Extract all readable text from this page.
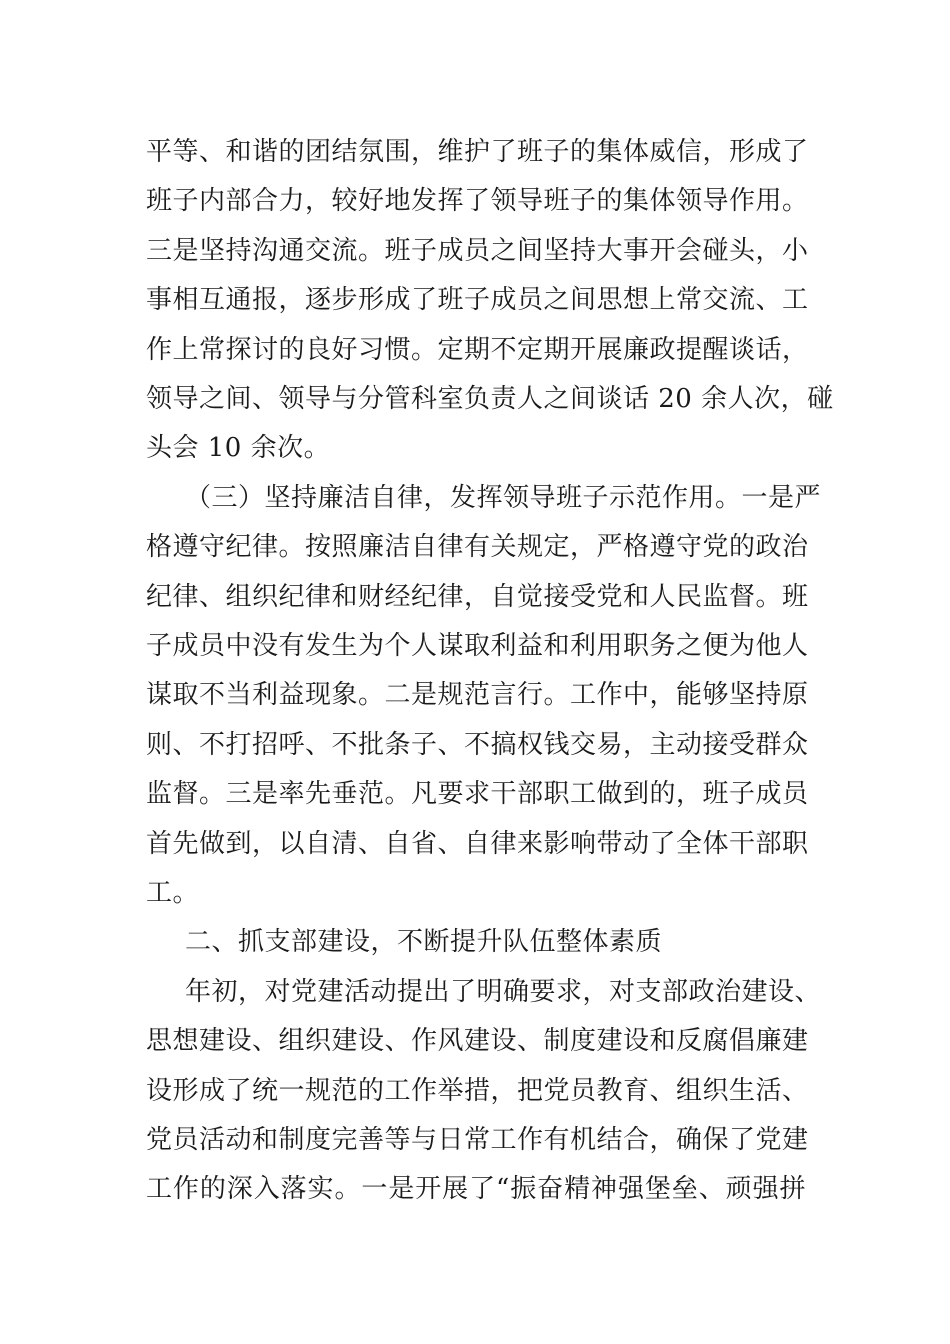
平等、和谐的团结氛围，维护了班子的集体威信，形成了
班子内部合力，较好地发挥了领导班子的集体领导作用。
三是坚持沟通交流。班子成员之间坚持大事开会碰头，小
事相互通报，逐步形成了班子成员之间思想上常交流、工
作上常探讨的良好习惯。定期不定期开展廉政提醒谈话，
领导之间、领导与分管科室负责人之间谈话 20 余人次，碰
头会 10 余次。
（三）坚持廉洁自律，发挥领导班子示范作用。一是严
格遵守纪律。按照廉洁自律有关规定，严格遵守党的政治
纪律、组织纪律和财经纪律，自觉接受党和人民监督。班
子成员中没有发生为个人谋取利益和利用职务之便为他人
谋取不当利益现象。二是规范言行。工作中，能够坚持原
则、不打招呼、不批条子、不搞权钱交易，主动接受群众
监督。三是率先垂范。凡要求干部职工做到的，班子成员
首先做到，以自清、自省、自律来影响带动了全体干部职
工。
二、抓支部建设，不断提升队伍整体素质
年初，对党建活动提出了明确要求，对支部政治建设、
思想建设、组织建设、作风建设、制度建设和反腐倡廉建
设形成了统一规范的工作举措，把党员教育、组织生活、
党员活动和制度完善等与日常工作有机结合，确保了党建
工作的深入落实。一是开展了“振奋精神强堡垒、顽强拼
